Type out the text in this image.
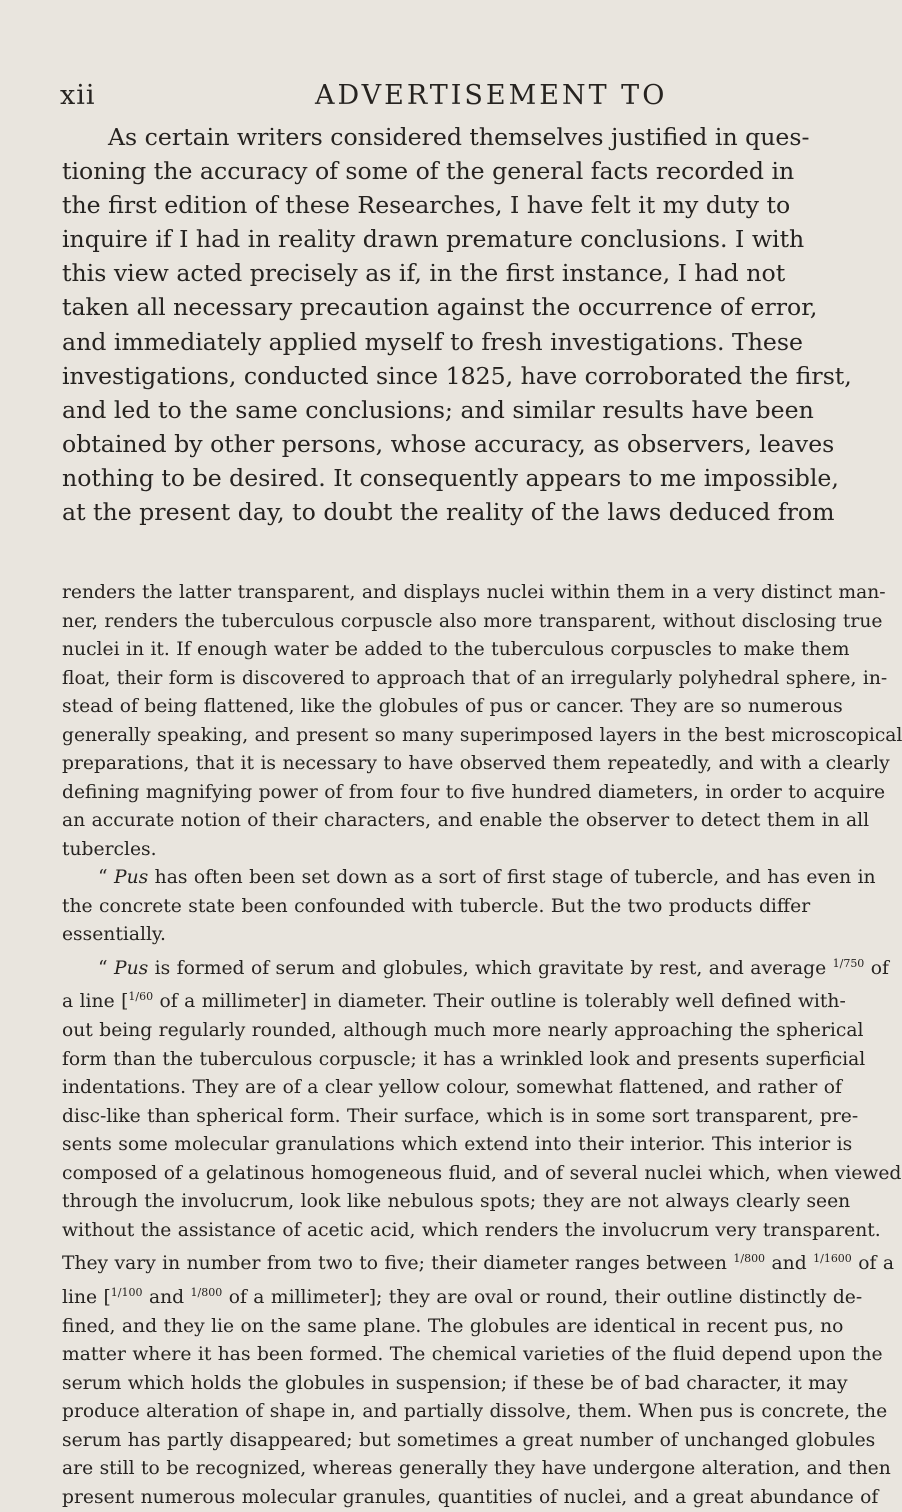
xii	ADVERTISEMENT TO

As certain writers considered themselves justified in ques-

tioning the accuracy of some of the general facts recorded in

the first edition of these Researches, I have felt it my duty to

inquire if I had in reality drawn premature conclusions. I with

this view acted precisely as if, in the first instance, I had not

taken all necessary precaution against the occurrence of error,

and immediately applied myself to fresh investigations. These

investigations, conducted since 1825, have corroborated the first,

and led to the same conclusions; and similar results have been

obtained by other persons, whose accuracy, as observers, leaves

nothing to be desired. It consequently appears to me impossible,

at the present day, to doubt the reality of the laws deduced from

renders the latter transparent, and displays nuclei within them in a very distinct man-

ner, renders the tuberculous corpuscle also more transparent, without disclosing true

nuclei in it. If enough water be added to the tuberculous corpuscles to make them

float, their form is discovered to approach that of an irregularly polyhedral sphere, in-

stead of being flattened, like the globules of pus or cancer. They are so numerous

generally speaking, and present so many superimposed layers in the best microscopical

preparations, that it is necessary to have observed them repeatedly, and with a clearly

defining magnifying power of from four to five hundred diameters, in order to acquire

an accurate notion of their characters, and enable the observer to detect them in all

tubercles.

“ Pus has often been set down as a sort of first stage of tubercle, and has even in

the concrete state been confounded with tubercle. But the two products differ

essentially.

“ Pus is formed of serum and globules, which gravitate by rest, and average $^{1/750}$ of

a line [$^{1/60}$ of a millimeter] in diameter. Their outline is tolerably well defined with-

out being regularly rounded, although much more nearly approaching the spherical

form than the tuberculous corpuscle; it has a wrinkled look and presents superficial

indentations. They are of a clear yellow colour, somewhat flattened, and rather of

disc-like than spherical form. Their surface, which is in some sort transparent, pre-

sents some molecular granulations which extend into their interior. This interior is

composed of a gelatinous homogeneous fluid, and of several nuclei which, when viewed

through the involucrum, look like nebulous spots; they are not always clearly seen

without the assistance of acetic acid, which renders the involucrum very transparent.

They vary in number from two to five; their diameter ranges between $^{1/800}$ and $^{1/1600}$ of a

line [$^{1/100}$ and $^{1/800}$ of a millimeter]; they are oval or round, their outline distinctly de-

fined, and they lie on the same plane. The globules are identical in recent pus, no

matter where it has been formed. The chemical varieties of the fluid depend upon the

serum which holds the globules in suspension; if these be of bad character, it may

produce alteration of shape in, and partially dissolve, them. When pus is concrete, the

serum has partly disappeared; but sometimes a great number of unchanged globules

are still to be recognized, whereas generally they have undergone alteration, and then

present numerous molecular granules, quantities of nuclei, and a great abundance of
